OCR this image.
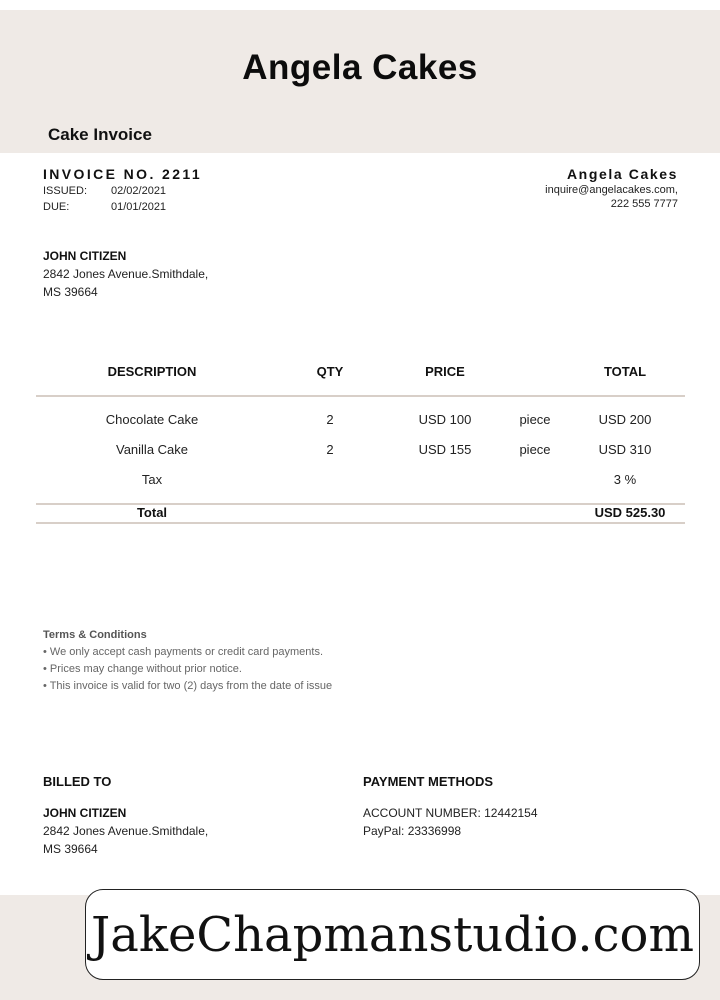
Angela Cakes
Cake Invoice
INVOICE NO. 2211
ISSUED: 02/02/2021
DUE:	01/01/2021
Angela Cakes
inquire@angelacakes.com,
222 555 7777
JOHN CITIZEN
2842 Jones Avenue.Smithdale,
MS 39664
DESCRIPTION	QTY	PRICE	TOTAL
Chocolate Cake	2	USD 100	piece	USD 200
Vanilla Cake	2	USD 155	piece	USD 310
Tax	3 %
Total	USD 525.30
Terms & Conditions
• We only accept cash payments or credit card payments.
• Prices may change without prior notice.
• This invoice is valid for two (2) days from the date of issue
BILLED TO
JOHN CITIZEN
2842 Jones Avenue.Smithdale,
MS 39664
PAYMENT METHODS
ACCOUNT NUMBER: 12442154
PayPal: 23336998
JakeChapmanstudio.com
